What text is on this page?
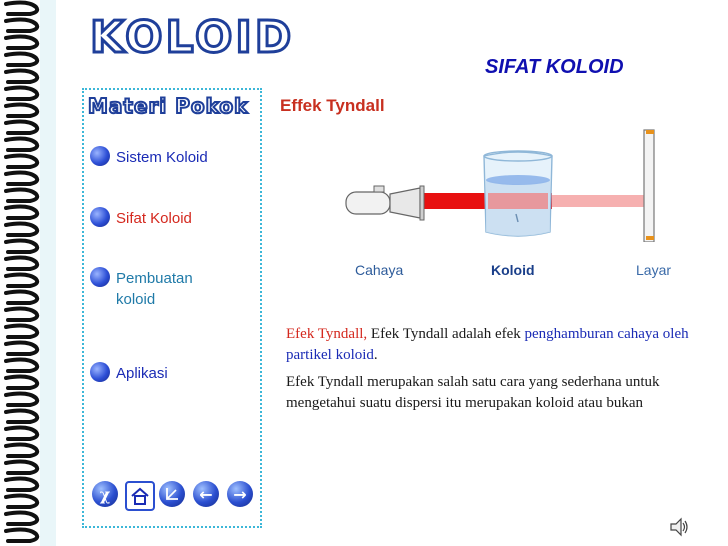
KOLOID
SIFAT KOLOID
Materi Pokok
Sistem Koloid
Sifat Koloid
Pembuatan koloid
Aplikasi
Effek Tyndall
Cahaya	Koloid	Layar

Efek Tyndall, Efek Tyndall adalah efek penghamburan cahaya oleh partikel koloid.

Efek Tyndall merupakan salah satu cara yang sederhana untuk mengetahui suatu dispersi itu merupakan koloid atau bukan

χ	← →
